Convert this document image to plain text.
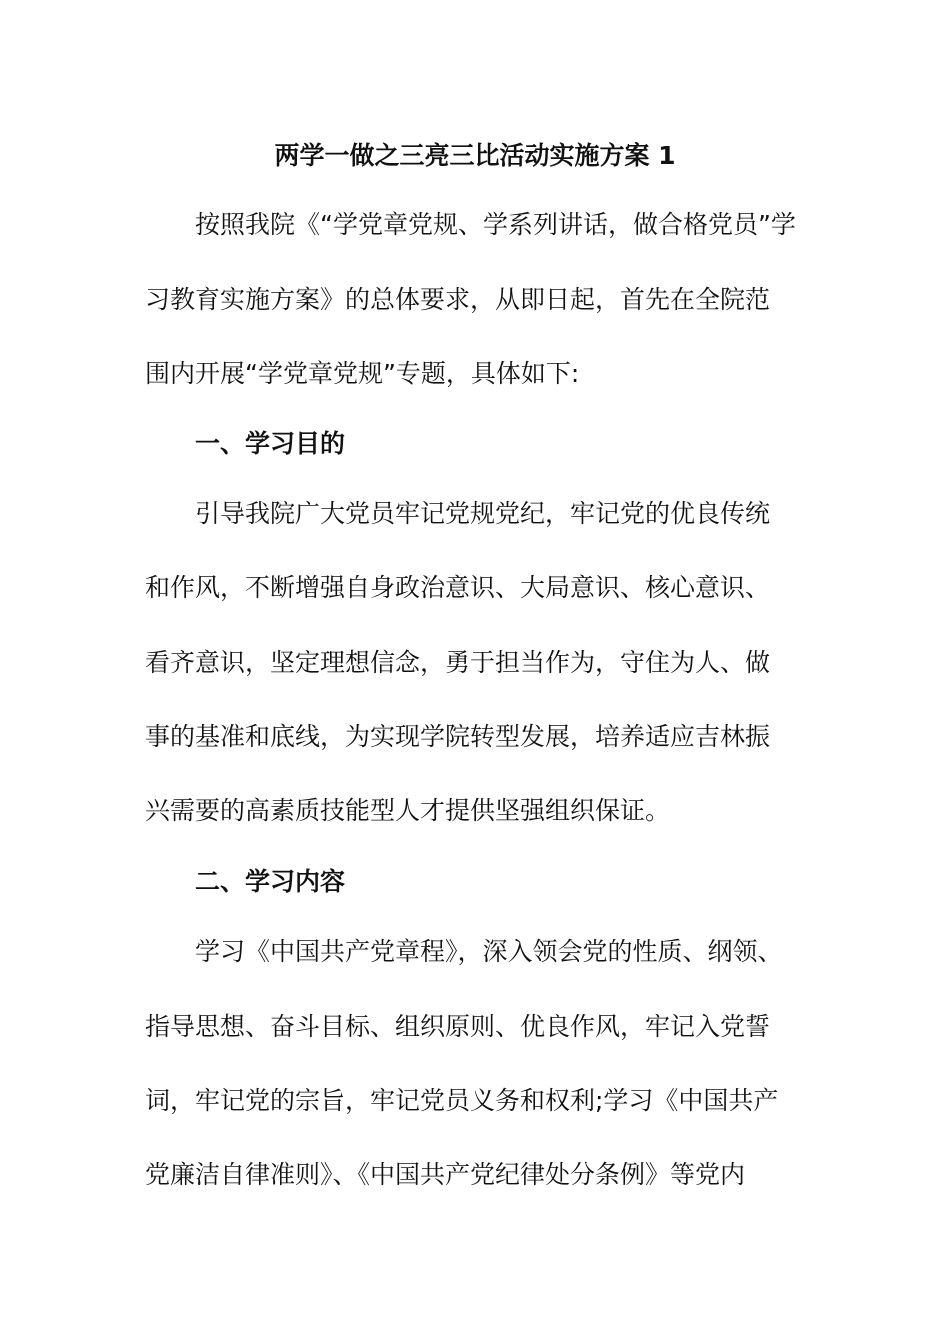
两学一做之三亮三比活动实施方案 1
按照我院《“学党章党规、学系列讲话，做合格党员”学
习教育实施方案》的总体要求，从即日起，首先在全院范
围内开展“学党章党规”专题，具体如下:
一、学习目的
引导我院广大党员牢记党规党纪，牢记党的优良传统
和作风，不断增强自身政治意识、大局意识、核心意识、
看齐意识，坚定理想信念，勇于担当作为，守住为人、做
事的基准和底线，为实现学院转型发展，培养适应吉林振
兴需要的高素质技能型人才提供坚强组织保证。
二、学习内容
学习《中国共产党章程》，深入领会党的性质、纲领、
指导思想、奋斗目标、组织原则、优良作风，牢记入党誓
词，牢记党的宗旨，牢记党员义务和权利;学习《中国共产
党廉洁自律准则》、《中国共产党纪律处分条例》等党内
